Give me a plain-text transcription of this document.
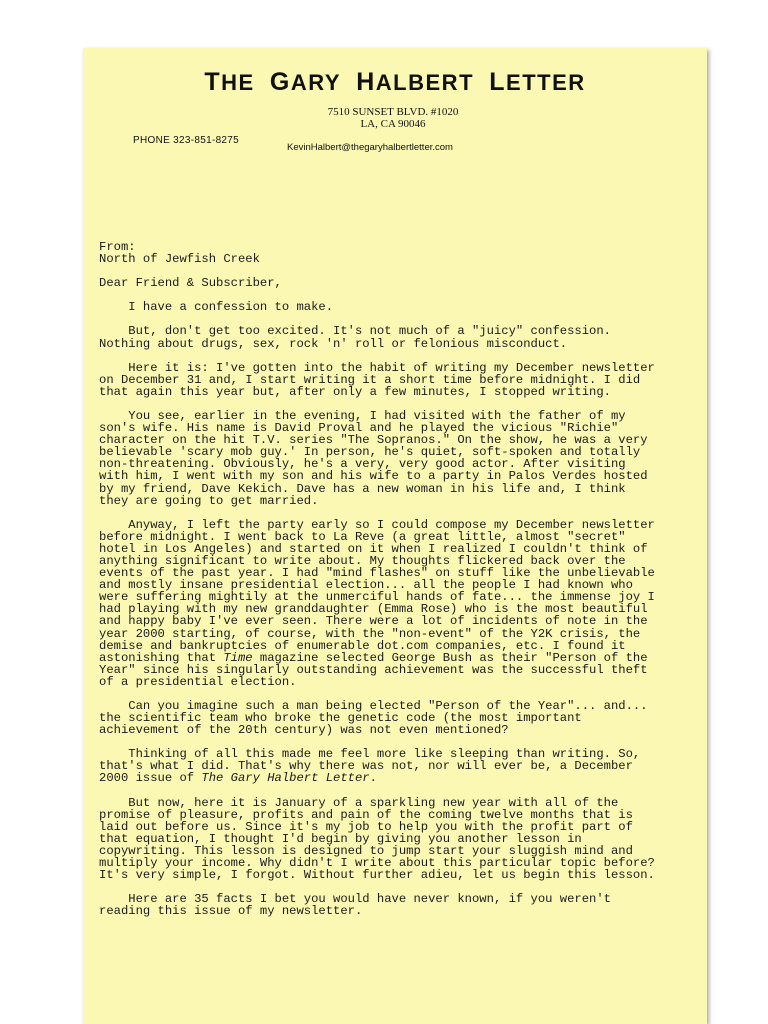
THE GARY HALBERT LETTER
7510 SUNSET BLVD. #1020
LA, CA 90046
PHONE 323-851-8275
KevinHalbert@thegaryhalbertletter.com

From:
North of Jewfish Creek
Dear Friend & Subscriber,
I have a confession to make.
But, don't get too excited. It's not much of a "juicy" confession.
Nothing about drugs, sex, rock 'n' roll or felonious misconduct.
Here it is: I've gotten into the habit of writing my December newsletter
on December 31 and, I start writing it a short time before midnight. I did
that again this year but, after only a few minutes, I stopped writing.
You see, earlier in the evening, I had visited with the father of my
son's wife. His name is David Proval and he played the vicious "Richie"
character on the hit T.V. series "The Sopranos." On the show, he was a very
believable 'scary mob guy.' In person, he's quiet, soft-spoken and totally
non-threatening. Obviously, he's a very, very good actor. After visiting
with him, I went with my son and his wife to a party in Palos Verdes hosted
by my friend, Dave Kekich. Dave has a new woman in his life and, I think
they are going to get married.
Anyway, I left the party early so I could compose my December newsletter
before midnight. I went back to La Reve (a great little, almost "secret"
hotel in Los Angeles) and started on it when I realized I couldn't think of
anything significant to write about. My thoughts flickered back over the
events of the past year. I had "mind flashes" on stuff like the unbelievable
and mostly insane presidential election... all the people I had known who
were suffering mightily at the unmerciful hands of fate... the immense joy I
had playing with my new granddaughter (Emma Rose) who is the most beautiful
and happy baby I've ever seen. There were a lot of incidents of note in the
year 2000 starting, of course, with the "non-event" of the Y2K crisis, the
demise and bankruptcies of enumerable dot.com companies, etc. I found it
astonishing that Time magazine selected George Bush as their "Person of the
Year" since his singularly outstanding achievement was the successful theft
of a presidential election.
Can you imagine such a man being elected "Person of the Year"... and...
the scientific team who broke the genetic code (the most important
achievement of the 20th century) was not even mentioned?
Thinking of all this made me feel more like sleeping than writing. So,
that's what I did. That's why there was not, nor will ever be, a December
2000 issue of The Gary Halbert Letter.
But now, here it is January of a sparkling new year with all of the
promise of pleasure, profits and pain of the coming twelve months that is
laid out before us. Since it's my job to help you with the profit part of
that equation, I thought I'd begin by giving you another lesson in
copywriting. This lesson is designed to jump start your sluggish mind and
multiply your income. Why didn't I write about this particular topic before?
It's very simple, I forgot. Without further adieu, let us begin this lesson.
Here are 35 facts I bet you would have never known, if you weren't
reading this issue of my newsletter.
